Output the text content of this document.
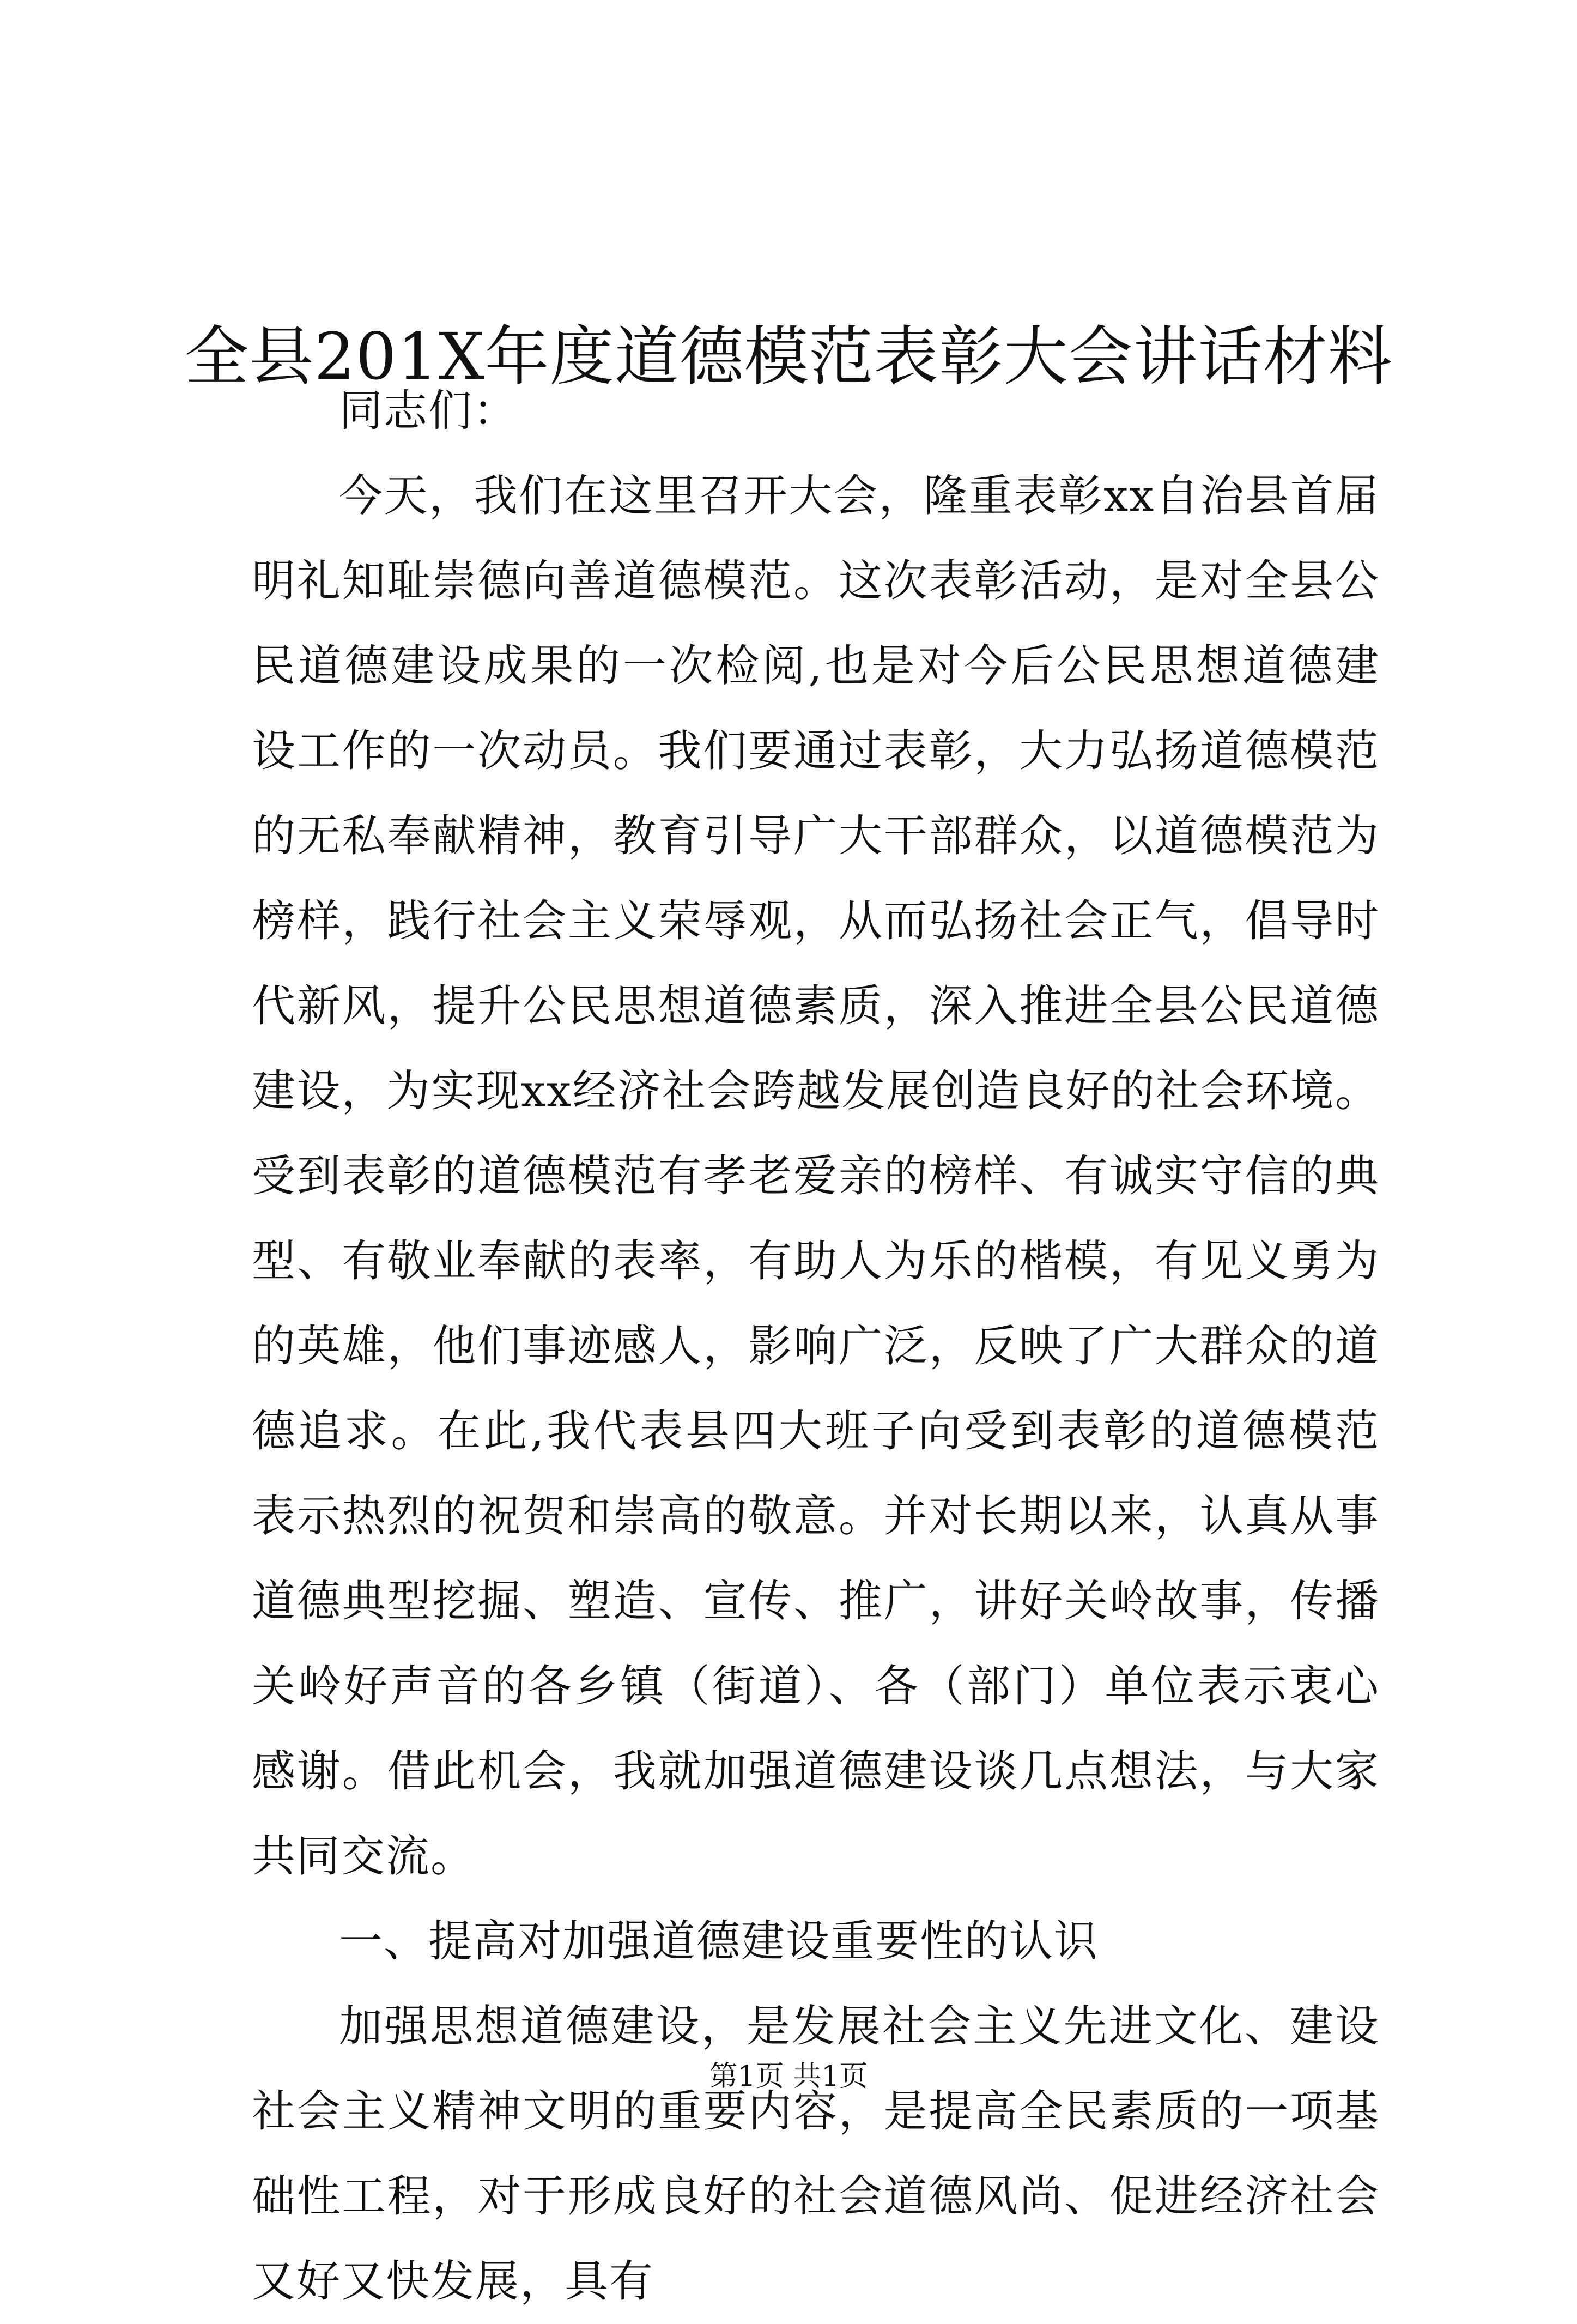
全县201X年度道德模范表彰大会讲话材料

同志们：

今天，我们在这里召开大会，隆重表彰xx自治县首届明礼知耻崇德向善道德模范。这次表彰活动，是对全县公民道德建设成果的一次检阅,也是对今后公民思想道德建设工作的一次动员。我们要通过表彰，大力弘扬道德模范的无私奉献精神，教育引导广大干部群众，以道德模范为榜样，践行社会主义荣辱观，从而弘扬社会正气，倡导时代新风，提升公民思想道德素质，深入推进全县公民道德建设，为实现xx经济社会跨越发展创造良好的社会环境。受到表彰的道德模范有孝老爱亲的榜样、有诚实守信的典型、有敬业奉献的表率，有助人为乐的楷模，有见义勇为的英雄，他们事迹感人，影响广泛，反映了广大群众的道德追求。在此,我代表县四大班子向受到表彰的道德模范表示热烈的祝贺和崇高的敬意。并对长期以来，认真从事道德典型挖掘、塑造、宣传、推广，讲好关岭故事，传播关岭好声音的各乡镇（街道）、各（部门）单位表示衷心感谢。借此机会，我就加强道德建设谈几点想法，与大家共同交流。

一、提高对加强道德建设重要性的认识

加强思想道德建设，是发展社会主义先进文化、建设社会主义精神文明的重要内容，是提高全民素质的一项基础性工程，对于形成良好的社会道德风尚、促进经济社会又好又快发展，具有

第1页 共1页
